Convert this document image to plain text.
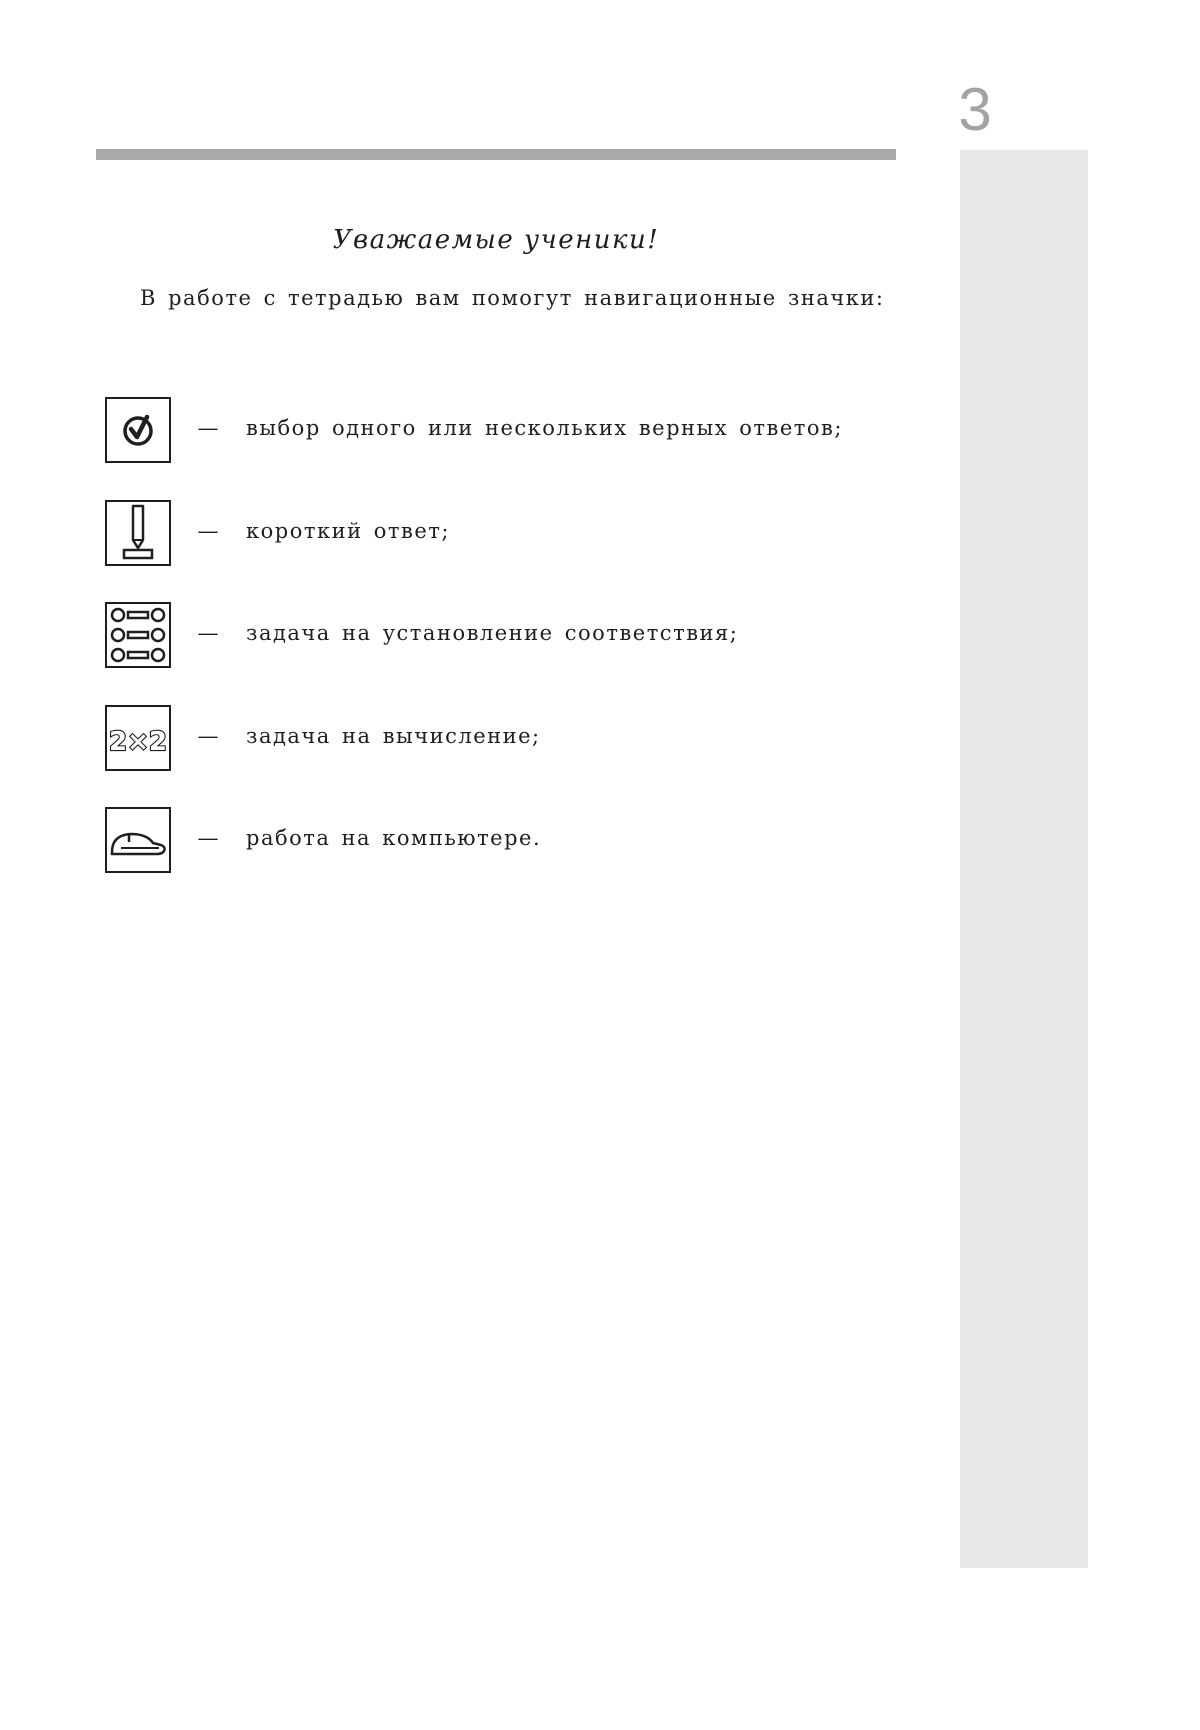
3
Уважаемые ученики!
В работе с тетрадью вам помогут навигационные значки:
— выбор одного или нескольких верных ответов;
— короткий ответ;
— задача на установление соответствия;
2×2 — задача на вычисление;
— работа на компьютере.
